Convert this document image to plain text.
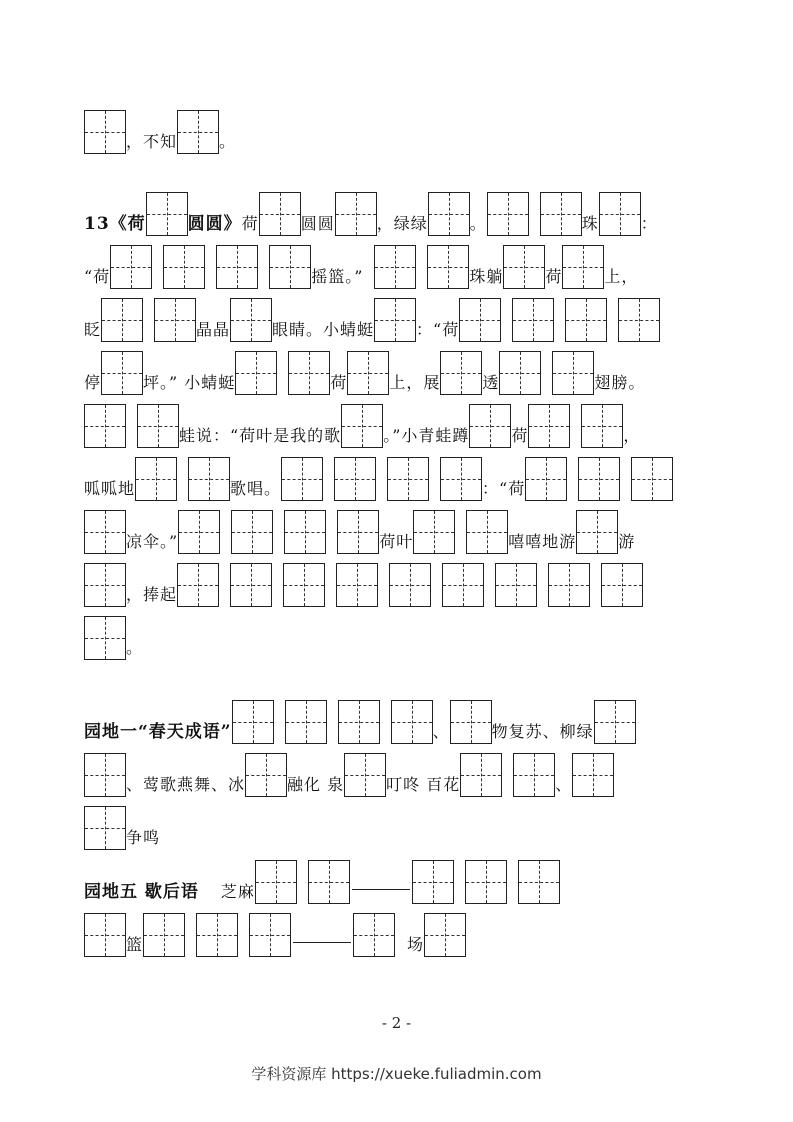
，不知	。
13《荷 圆圆》 荷	圆圆	，绿绿	。	珠	：
“荷	摇篮。”	珠躺	荷	上，
眨	晶晶	眼睛。小蜻蜓	：“荷
停	坪。” 小蜻蜓	荷	上，展	透	翅膀。
蛙说：“荷叶是我的歌	。”小青蛙蹲	荷	，
呱呱地	歌唱。	：“荷
凉伞。”	荷叶	嘻嘻地游	游
，捧起
。
园地一“春天成语”	、	物复苏、柳绿
、莺歌燕舞、冰	融化 泉	叮咚 百花	、
争鸣
园地五 歇后语 芝麻
篮	场
- 2 -
学科资源库 https://xueke.fuliadmin.com
